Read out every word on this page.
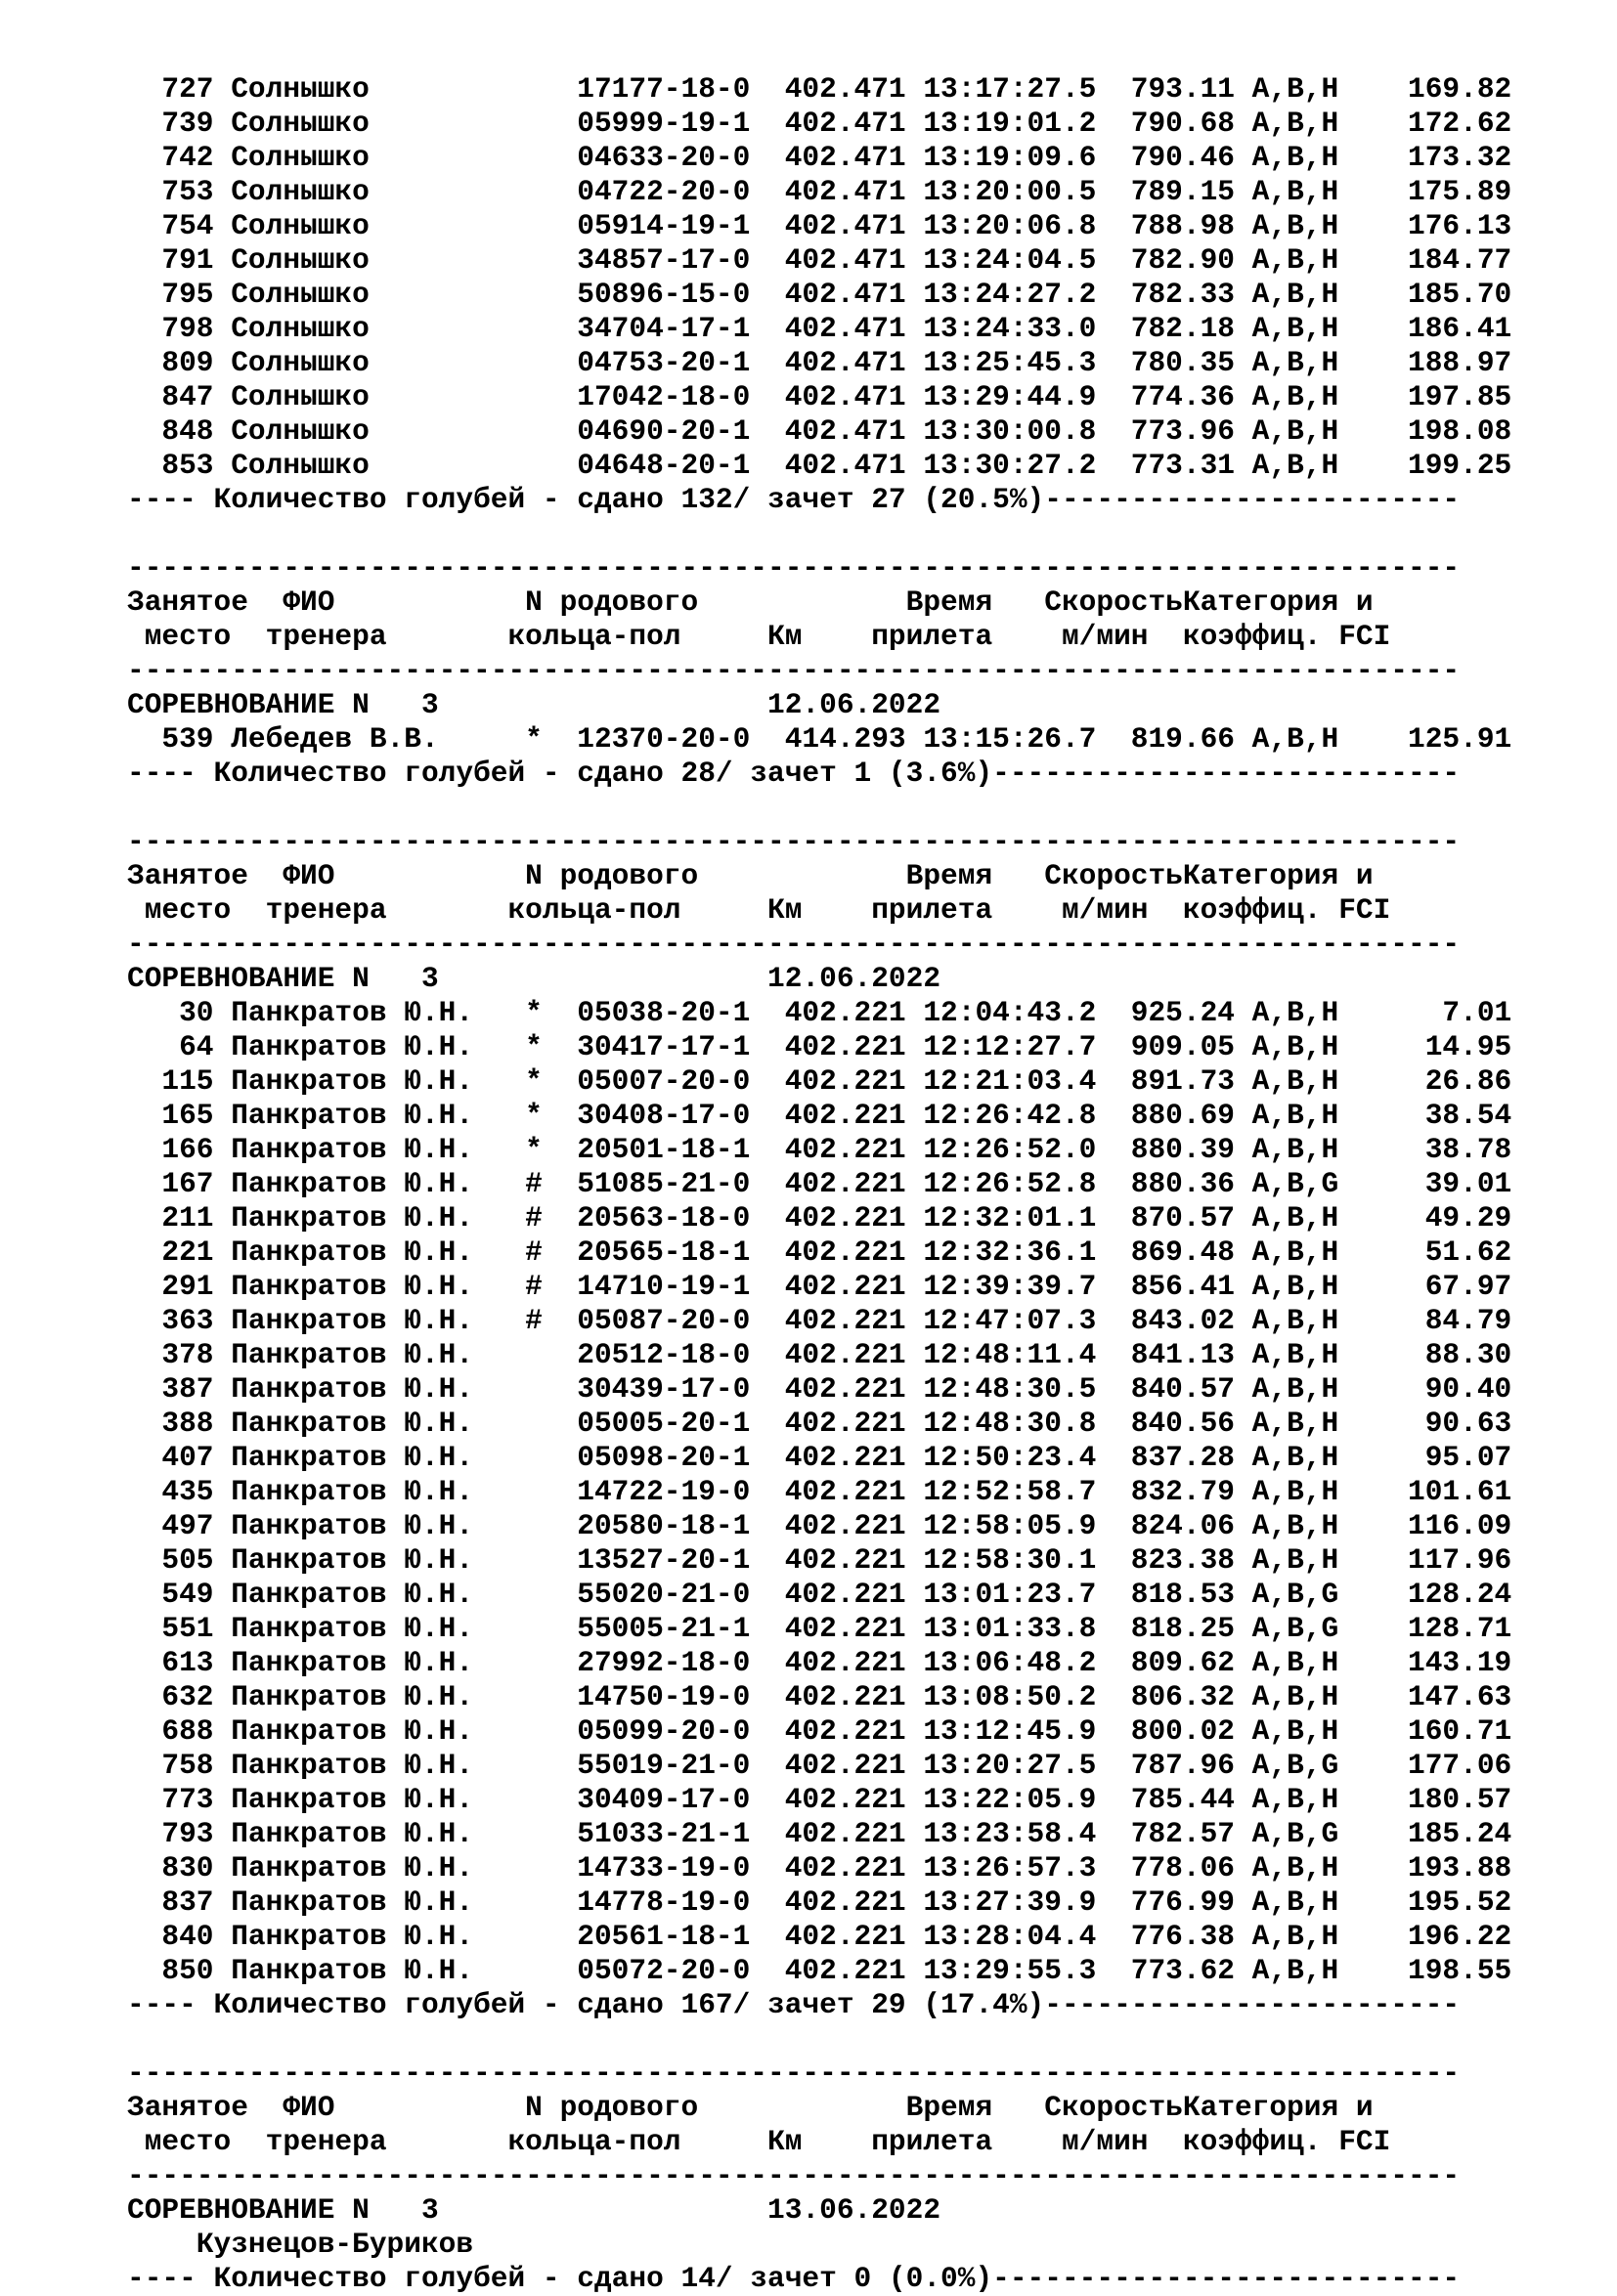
727 Солнышко            17177-18-0  402.471 13:17:27.5  793.11 A,B,H    169.82
739 Солнышко            05999-19-1  402.471 13:19:01.2  790.68 A,B,H    172.62
742 Солнышко            04633-20-0  402.471 13:19:09.6  790.46 A,B,H    173.32
753 Солнышко            04722-20-0  402.471 13:20:00.5  789.15 A,B,H    175.89
754 Солнышко            05914-19-1  402.471 13:20:06.8  788.98 A,B,H    176.13
791 Солнышко            34857-17-0  402.471 13:24:04.5  782.90 A,B,H    184.77
795 Солнышко            50896-15-0  402.471 13:24:27.2  782.33 A,B,H    185.70
798 Солнышко            34704-17-1  402.471 13:24:33.0  782.18 A,B,H    186.41
809 Солнышко            04753-20-1  402.471 13:25:45.3  780.35 A,B,H    188.97
847 Солнышко            17042-18-0  402.471 13:29:44.9  774.36 A,B,H    197.85
848 Солнышко            04690-20-1  402.471 13:30:00.8  773.96 A,B,H    198.08
853 Солнышко            04648-20-1  402.471 13:30:27.2  773.31 A,B,H    199.25
---- Количество голубей - сдано 132/ зачет 27 (20.5%)------------------------
-----------------------------------------------------------------------------
Занятое  ФИО           N родового            Время   СкоростьКатегория и
место  тренера       кольца-пол     Км    прилета    м/мин  коэффиц. FCI
-----------------------------------------------------------------------------
СОРЕВНОВАНИЕ N   3                   12.06.2022
539 Лебедев В.В.     *  12370-20-0  414.293 13:15:26.7  819.66 A,B,H    125.91
---- Количество голубей - сдано 28/ зачет 1 (3.6%)---------------------------
-----------------------------------------------------------------------------
Занятое  ФИО           N родового            Время   СкоростьКатегория и
место  тренера       кольца-пол     Км    прилета    м/мин  коэффиц. FCI
-----------------------------------------------------------------------------
СОРЕВНОВАНИЕ N   3                   12.06.2022
30 Панкратов Ю.Н.   *  05038-20-1  402.221 12:04:43.2  925.24 A,B,H      7.01
64 Панкратов Ю.Н.   *  30417-17-1  402.221 12:12:27.7  909.05 A,B,H     14.95
115 Панкратов Ю.Н.   *  05007-20-0  402.221 12:21:03.4  891.73 A,B,H     26.86
165 Панкратов Ю.Н.   *  30408-17-0  402.221 12:26:42.8  880.69 A,B,H     38.54
166 Панкратов Ю.Н.   *  20501-18-1  402.221 12:26:52.0  880.39 A,B,H     38.78
167 Панкратов Ю.Н.   #  51085-21-0  402.221 12:26:52.8  880.36 A,B,G     39.01
211 Панкратов Ю.Н.   #  20563-18-0  402.221 12:32:01.1  870.57 A,B,H     49.29
221 Панкратов Ю.Н.   #  20565-18-1  402.221 12:32:36.1  869.48 A,B,H     51.62
291 Панкратов Ю.Н.   #  14710-19-1  402.221 12:39:39.7  856.41 A,B,H     67.97
363 Панкратов Ю.Н.   #  05087-20-0  402.221 12:47:07.3  843.02 A,B,H     84.79
378 Панкратов Ю.Н.      20512-18-0  402.221 12:48:11.4  841.13 A,B,H     88.30
387 Панкратов Ю.Н.      30439-17-0  402.221 12:48:30.5  840.57 A,B,H     90.40
388 Панкратов Ю.Н.      05005-20-1  402.221 12:48:30.8  840.56 A,B,H     90.63
407 Панкратов Ю.Н.      05098-20-1  402.221 12:50:23.4  837.28 A,B,H     95.07
435 Панкратов Ю.Н.      14722-19-0  402.221 12:52:58.7  832.79 A,B,H    101.61
497 Панкратов Ю.Н.      20580-18-1  402.221 12:58:05.9  824.06 A,B,H    116.09
505 Панкратов Ю.Н.      13527-20-1  402.221 12:58:30.1  823.38 A,B,H    117.96
549 Панкратов Ю.Н.      55020-21-0  402.221 13:01:23.7  818.53 A,B,G    128.24
551 Панкратов Ю.Н.      55005-21-1  402.221 13:01:33.8  818.25 A,B,G    128.71
613 Панкратов Ю.Н.      27992-18-0  402.221 13:06:48.2  809.62 A,B,H    143.19
632 Панкратов Ю.Н.      14750-19-0  402.221 13:08:50.2  806.32 A,B,H    147.63
688 Панкратов Ю.Н.      05099-20-0  402.221 13:12:45.9  800.02 A,B,H    160.71
758 Панкратов Ю.Н.      55019-21-0  402.221 13:20:27.5  787.96 A,B,G    177.06
773 Панкратов Ю.Н.      30409-17-0  402.221 13:22:05.9  785.44 A,B,H    180.57
793 Панкратов Ю.Н.      51033-21-1  402.221 13:23:58.4  782.57 A,B,G    185.24
830 Панкратов Ю.Н.      14733-19-0  402.221 13:26:57.3  778.06 A,B,H    193.88
837 Панкратов Ю.Н.      14778-19-0  402.221 13:27:39.9  776.99 A,B,H    195.52
840 Панкратов Ю.Н.      20561-18-1  402.221 13:28:04.4  776.38 A,B,H    196.22
850 Панкратов Ю.Н.      05072-20-0  402.221 13:29:55.3  773.62 A,B,H    198.55
---- Количество голубей - сдано 167/ зачет 29 (17.4%)------------------------
-----------------------------------------------------------------------------
Занятое  ФИО           N родового            Время   СкоростьКатегория и
место  тренера       кольца-пол     Км    прилета    м/мин  коэффиц. FCI
-----------------------------------------------------------------------------
СОРЕВНОВАНИЕ N   3                   13.06.2022
Кузнецов-Буриков
---- Количество голубей - сдано 14/ зачет 0 (0.0%)---------------------------
